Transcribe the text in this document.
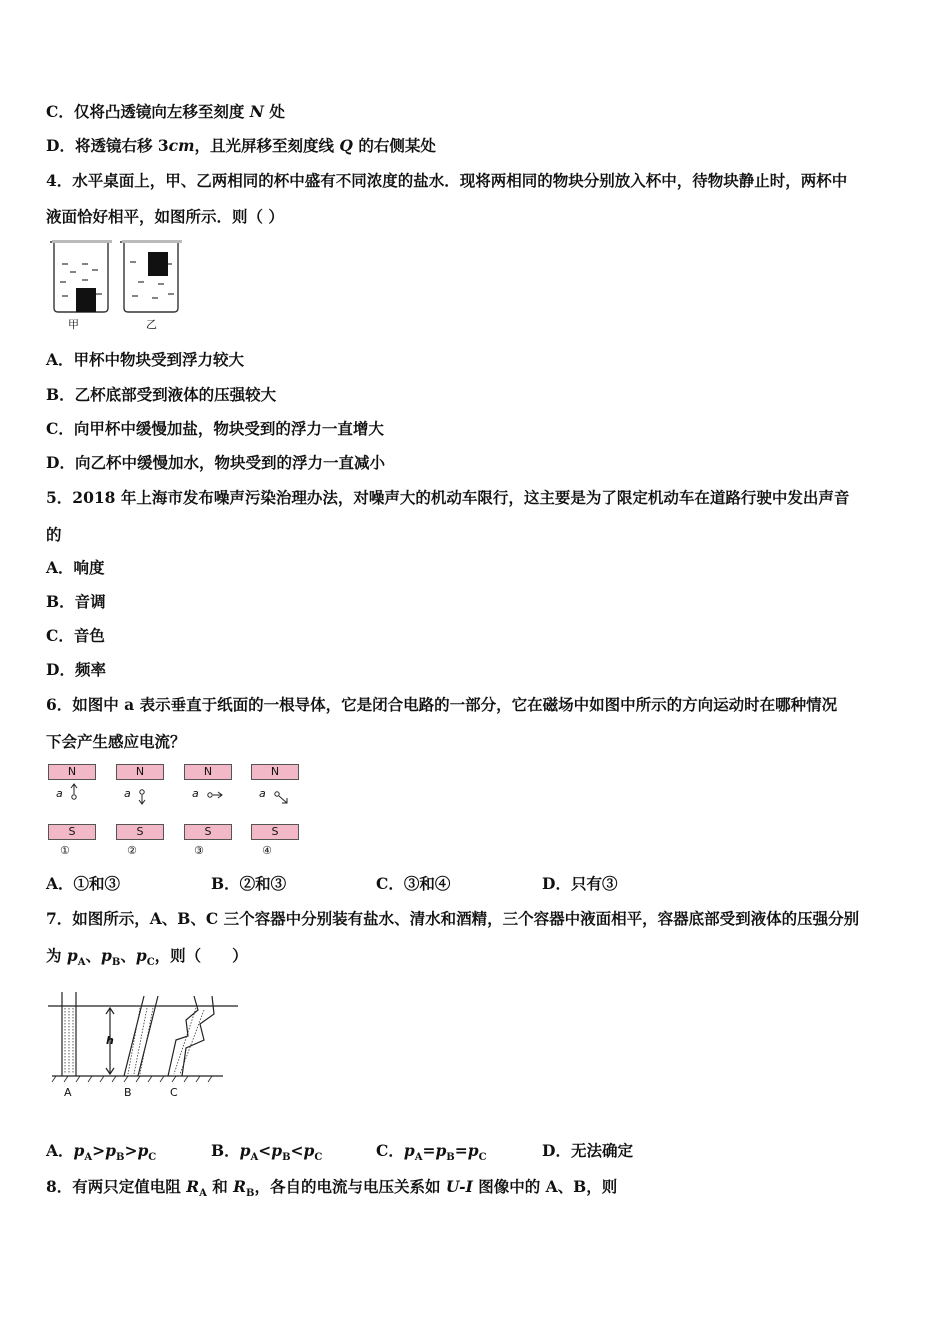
C．仅将凸透镜向左移至刻度 N 处
D．将透镜右移 3cm，且光屏移至刻度线 Q 的右侧某处
4．水平桌面上，甲、乙两相同的杯中盛有不同浓度的盐水．现将两相同的物块分别放入杯中，待物块静止时，两杯中
液面恰好相平，如图所示．则（ ）
甲	乙
A．甲杯中物块受到浮力较大
B．乙杯底部受到液体的压强较大
C．向甲杯中缓慢加盐，物块受到的浮力一直增大
D．向乙杯中缓慢加水，物块受到的浮力一直减小
5．2018 年上海市发布噪声污染治理办法，对噪声大的机动车限行，这主要是为了限定机动车在道路行驶中发出声音
的
A．响度
B．音调
C．音色
D．频率
6．如图中 a 表示垂直于纸面的一根导体，它是闭合电路的一部分，它在磁场中如图中所示的方向运动时在哪种情况
下会产生感应电流？
N	N	N	N
S	S	S	S
a	a	a	a
①	②	③	④
A．①和③	B．②和③	C．③和④	D．只有③
7．如图所示，A、B、C 三个容器中分别装有盐水、清水和酒精，三个容器中液面相平，容器底部受到液体的压强分别
为 $p_A$、$p_B$、$p_C$，则（　　）
h
A	B	C
A．$p_A>p_B>p_C$	B．$p_A<p_B<p_C$	C．$p_A=p_B=p_C$	D．无法确定
8．有两只定值电阻 $R_A$ 和 $R_B$，各自的电流与电压关系如 U-I 图像中的 A、B，则
